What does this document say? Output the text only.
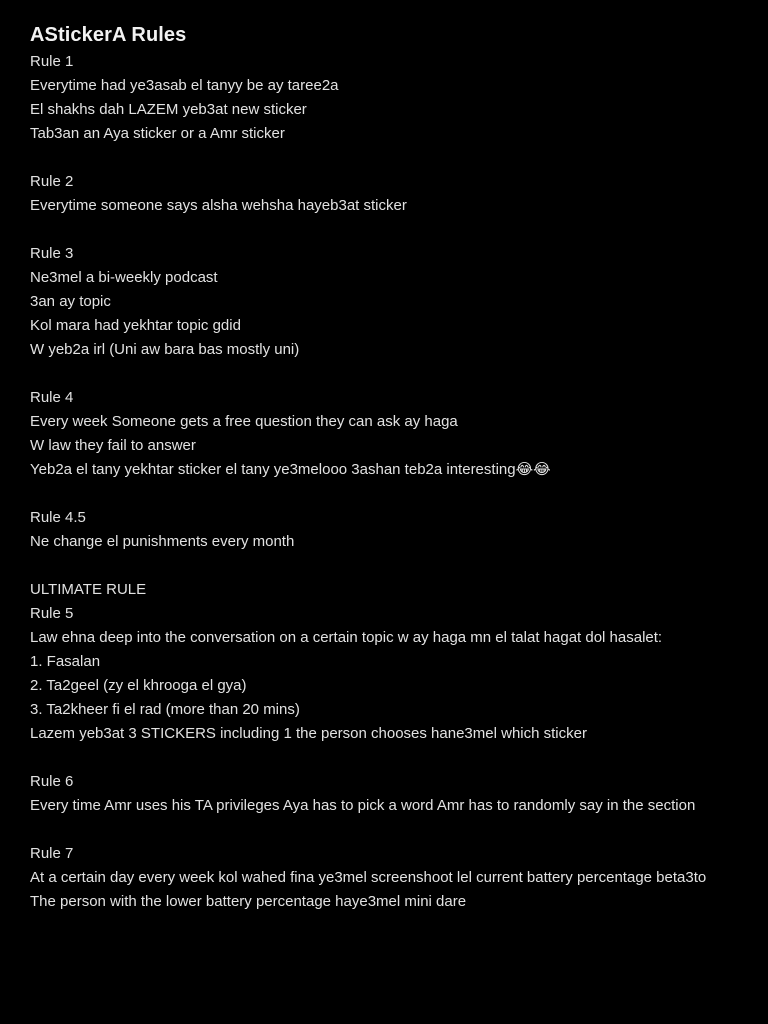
AStickerA Rules
Rule 1
Everytime had ye3asab el tanyy be ay taree2a
El shakhs dah LAZEM yeb3at new sticker
Tab3an an Aya sticker or a Amr sticker
Rule 2
Everytime someone says alsha wehsha hayeb3at sticker
Rule 3
Ne3mel a bi-weekly podcast
3an ay topic
Kol mara had yekhtar topic gdid
W yeb2a irl (Uni aw bara bas mostly uni)
Rule 4
Every week Someone gets a free question they can ask ay haga
W law they fail to answer
Yeb2a el tany yekhtar sticker el tany ye3melooo 3ashan teb2a interesting😂😂
Rule 4.5
Ne change el punishments every month
ULTIMATE RULE
Rule 5
Law ehna deep into the conversation on a certain topic w ay haga mn el talat hagat dol hasalet:
1. Fasalan
2. Ta2geel (zy el khrooga el gya)
3. Ta2kheer fi el rad (more than 20 mins)
Lazem yeb3at 3 STICKERS including 1 the person chooses hane3mel which sticker
Rule 6
Every time Amr uses his TA privileges Aya has to pick a word Amr has to randomly say in the section
Rule 7
At a certain day every week kol wahed fina ye3mel screenshoot lel current battery percentage beta3to
The person with the lower battery percentage haye3mel mini dare
